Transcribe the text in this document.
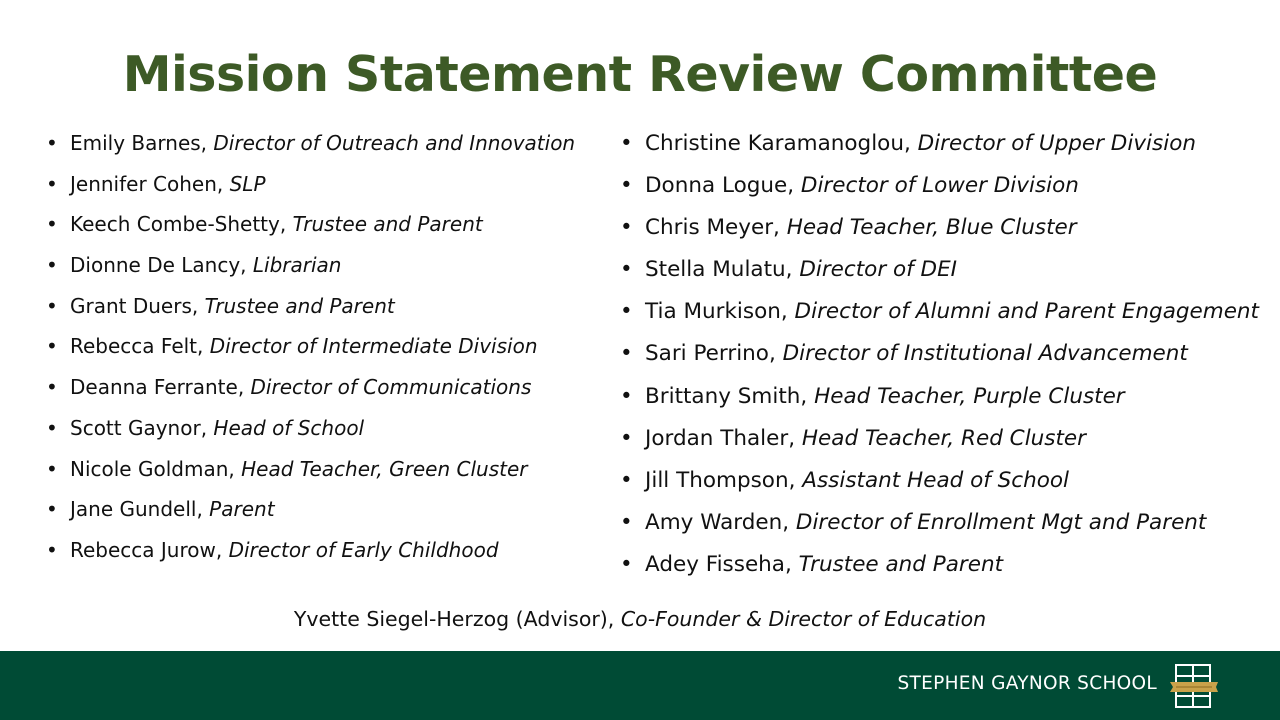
Mission Statement Review Committee
• Emily Barnes, Director of Outreach and Innovation
• Jennifer Cohen, SLP
• Keech Combe-Shetty, Trustee and Parent
• Dionne De Lancy, Librarian
• Grant Duers, Trustee and Parent
• Rebecca Felt, Director of Intermediate Division
• Deanna Ferrante, Director of Communications
• Scott Gaynor, Head of School
• Nicole Goldman, Head Teacher, Green Cluster
• Jane Gundell, Parent
• Rebecca Jurow, Director of Early Childhood
• Christine Karamanoglou, Director of Upper Division
• Donna Logue, Director of Lower Division
• Chris Meyer, Head Teacher, Blue Cluster
• Stella Mulatu, Director of DEI
• Tia Murkison, Director of Alumni and Parent Engagement
• Sari Perrino, Director of Institutional Advancement
• Brittany Smith, Head Teacher, Purple Cluster
• Jordan Thaler, Head Teacher, Red Cluster
• Jill Thompson, Assistant Head of School
• Amy Warden, Director of Enrollment Mgt and Parent
• Adey Fisseha, Trustee and Parent
Yvette Siegel-Herzog (Advisor), Co-Founder & Director of Education
STEPHEN GAYNOR SCHOOL
